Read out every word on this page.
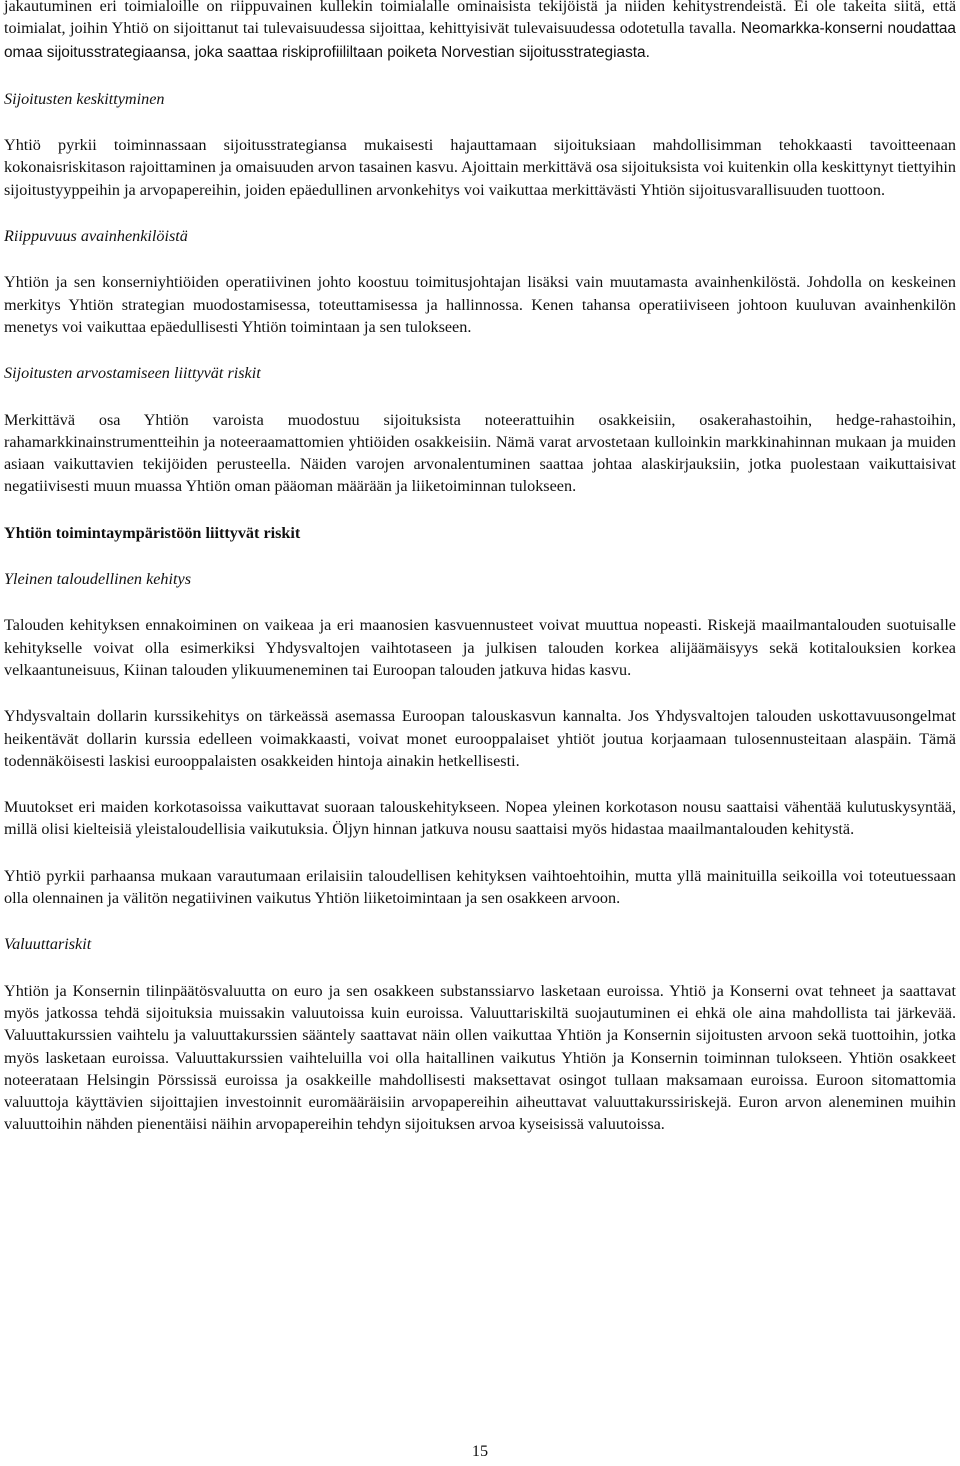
jakautuminen eri toimialoille on riippuvainen kullekin toimialalle ominaisista tekijöistä ja niiden kehitystrendeistä. Ei ole takeita siitä, että toimialat, joihin Yhtiö on sijoittanut tai tulevaisuudessa sijoittaa, kehittyisivät tulevaisuudessa odotetulla tavalla. Neomarkka-konserni noudattaa omaa sijoitusstrategiaansa, joka saattaa riskiprofiililtaan poiketa Norvestian sijoitusstrategiasta.

Sijoitusten keskittyminen

Yhtiö pyrkii toiminnassaan sijoitusstrategiansa mukaisesti hajauttamaan sijoituksiaan mahdollisimman tehokkaasti tavoitteenaan kokonaisriskitason rajoittaminen ja omaisuuden arvon tasainen kasvu. Ajoittain merkittävä osa sijoituksista voi kuitenkin olla keskittynyt tiettyihin sijoitustyyppeihin ja arvopapereihin, joiden epäedullinen arvonkehitys voi vaikuttaa merkittävästi Yhtiön sijoitusvarallisuuden tuottoon.

Riippuvuus avainhenkilöistä

Yhtiön ja sen konserniyhtiöiden operatiivinen johto koostuu toimitusjohtajan lisäksi vain muutamasta avainhenkilöstä. Johdolla on keskeinen merkitys Yhtiön strategian muodostamisessa, toteuttamisessa ja hallinnossa. Kenen tahansa operatiiviseen johtoon kuuluvan avainhenkilön menetys voi vaikuttaa epäedullisesti Yhtiön toimintaan ja sen tulokseen.

Sijoitusten arvostamiseen liittyvät riskit

Merkittävä osa Yhtiön varoista muodostuu sijoituksista noteerattuihin osakkeisiin, osakerahastoihin, hedge-rahastoihin, rahamarkkinainstrumentteihin ja noteeraamattomien yhtiöiden osakkeisiin. Nämä varat arvostetaan kulloinkin markkinahinnan mukaan ja muiden asiaan vaikuttavien tekijöiden perusteella. Näiden varojen arvonalentuminen saattaa johtaa alaskirjauksiin, jotka puolestaan vaikuttaisivat negatiivisesti muun muassa Yhtiön oman pääoman määrään ja liiketoiminnan tulokseen.

Yhtiön toimintaympäristöön liittyvät riskit

Yleinen taloudellinen kehitys

Talouden kehityksen ennakoiminen on vaikeaa ja eri maanosien kasvuennusteet voivat muuttua nopeasti. Riskejä maailmantalouden suotuisalle kehitykselle voivat olla esimerkiksi Yhdysvaltojen vaihtotaseen ja julkisen talouden korkea alijäämäisyys sekä kotitalouksien korkea velkaantuneisuus, Kiinan talouden ylikuumeneminen tai Euroopan talouden jatkuva hidas kasvu.

Yhdysvaltain dollarin kurssikehitys on tärkeässä asemassa Euroopan talouskasvun kannalta. Jos Yhdysvaltojen talouden uskottavuusongelmat heikentävät dollarin kurssia edelleen voimakkaasti, voivat monet eurooppalaiset yhtiöt joutua korjaamaan tulosennusteitaan alaspäin. Tämä todennäköisesti laskisi eurooppalaisten osakkeiden hintoja ainakin hetkellisesti.

Muutokset eri maiden korkotasoissa vaikuttavat suoraan talouskehitykseen. Nopea yleinen korkotason nousu saattaisi vähentää kulutuskysyntää, millä olisi kielteisiä yleistaloudellisia vaikutuksia. Öljyn hinnan jatkuva nousu saattaisi myös hidastaa maailmantalouden kehitystä.

Yhtiö pyrkii parhaansa mukaan varautumaan erilaisiin taloudellisen kehityksen vaihtoehtoihin, mutta yllä mainituilla seikoilla voi toteutuessaan olla olennainen ja välitön negatiivinen vaikutus Yhtiön liiketoimintaan ja sen osakkeen arvoon.

Valuuttariskit

Yhtiön ja Konsernin tilinpäätösvaluutta on euro ja sen osakkeen substanssiarvo lasketaan euroissa. Yhtiö ja Konserni ovat tehneet ja saattavat myös jatkossa tehdä sijoituksia muissakin valuutoissa kuin euroissa. Valuuttariskiltä suojautuminen ei ehkä ole aina mahdollista tai järkevää. Valuuttakurssien vaihtelu ja valuuttakurssien sääntely saattavat näin ollen vaikuttaa Yhtiön ja Konsernin sijoitusten arvoon sekä tuottoihin, jotka myös lasketaan euroissa. Valuuttakurssien vaihteluilla voi olla haitallinen vaikutus Yhtiön ja Konsernin toiminnan tulokseen. Yhtiön osakkeet noteerataan Helsingin Pörssissä euroissa ja osakkeille mahdollisesti maksettavat osingot tullaan maksamaan euroissa. Euroon sitomattomia valuuttoja käyttävien sijoittajien investoinnit euromääräisiin arvopapereihin aiheuttavat valuuttakurssiriskejä. Euron arvon aleneminen muihin valuuttoihin nähden pienentäisi näihin arvopapereihin tehdyn sijoituksen arvoa kyseisissä valuutoissa.

15
